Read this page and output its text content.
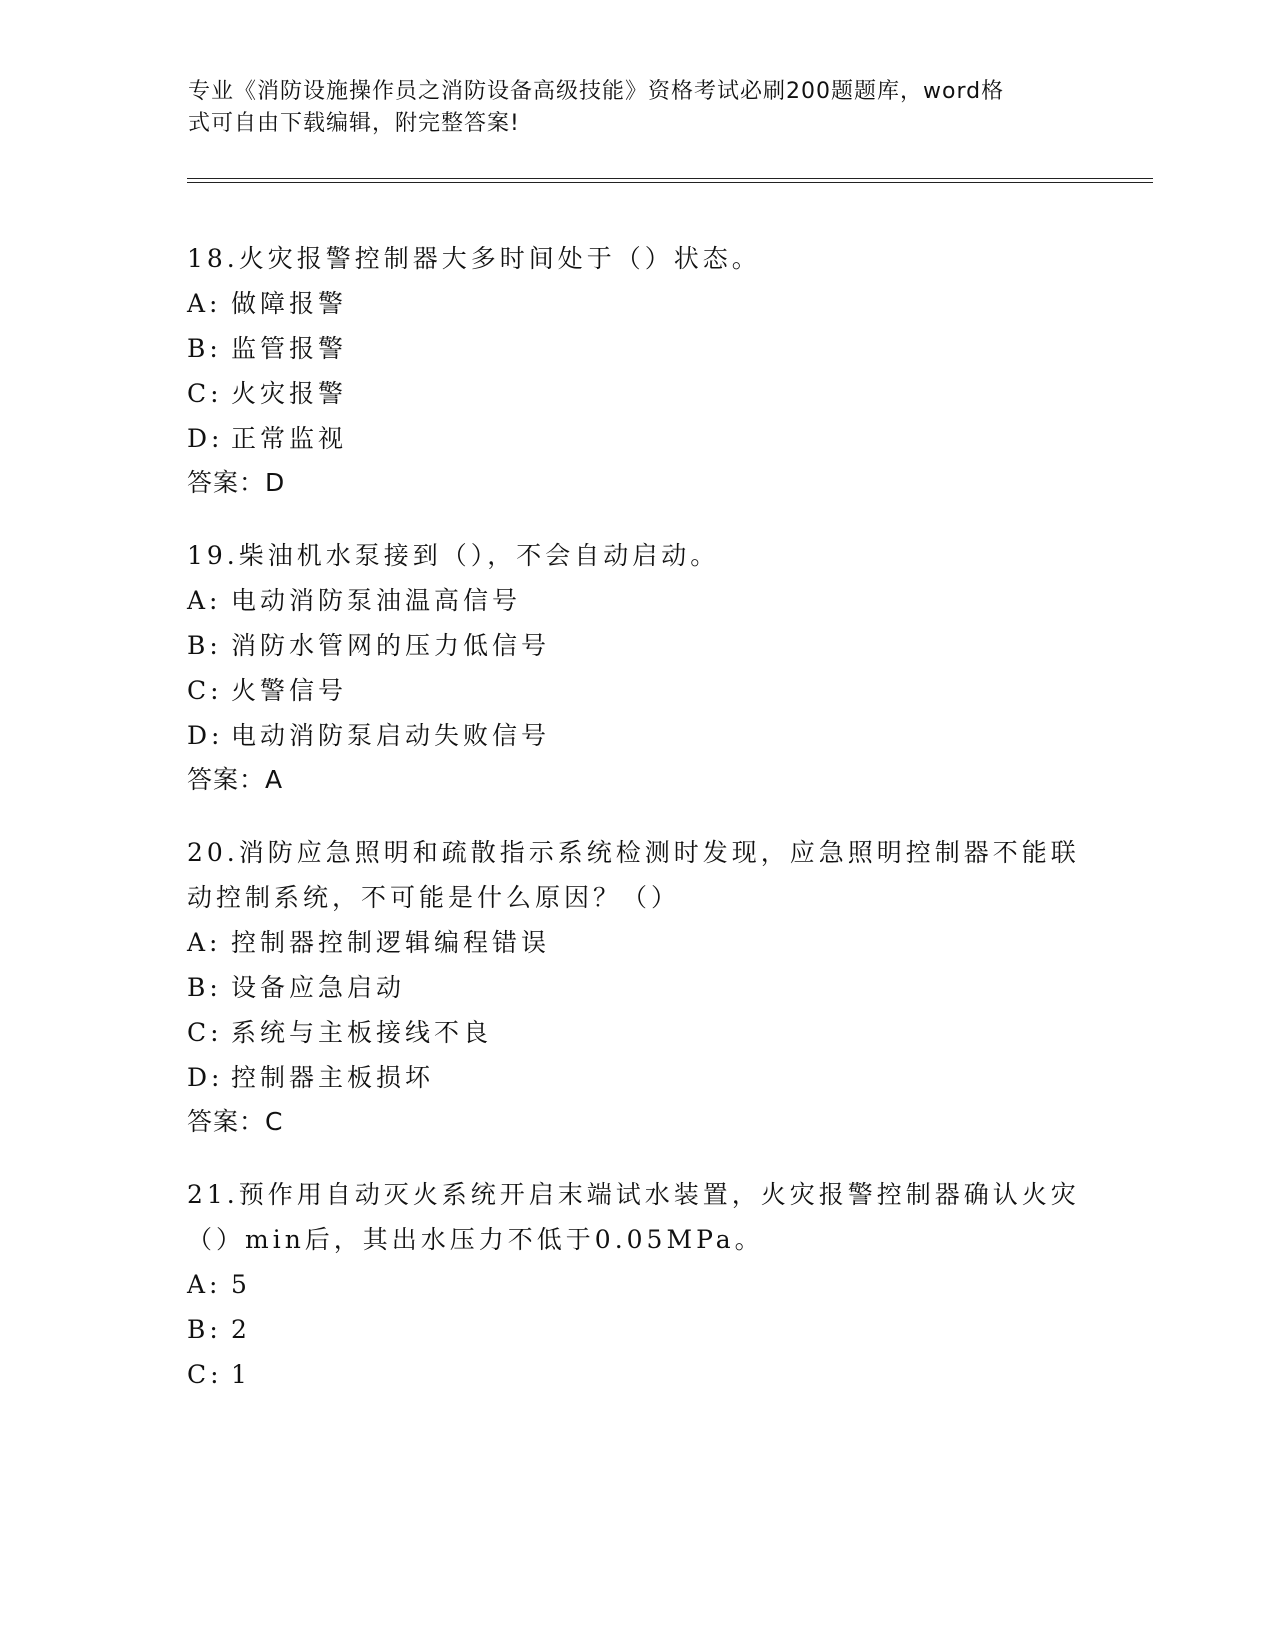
专业《消防设施操作员之消防设备高级技能》资格考试必刷200题题库，word格
式可自由下载编辑，附完整答案!
18.火灾报警控制器大多时间处于（）状态。
A: 做障报警
B: 监管报警
C: 火灾报警
D: 正常监视
答案：D
19.柴油机水泵接到（），不会自动启动。
A: 电动消防泵油温高信号
B: 消防水管网的压力低信号
C: 火警信号
D: 电动消防泵启动失败信号
答案：A
20.消防应急照明和疏散指示系统检测时发现，应急照明控制器不能联
动控制系统，不可能是什么原因？（）
A: 控制器控制逻辑编程错误
B: 设备应急启动
C: 系统与主板接线不良
D: 控制器主板损坏
答案：C
21.预作用自动灭火系统开启末端试水装置，火灾报警控制器确认火灾
（）min后，其出水压力不低于0.05MPa。
A: 5
B: 2
C: 1
